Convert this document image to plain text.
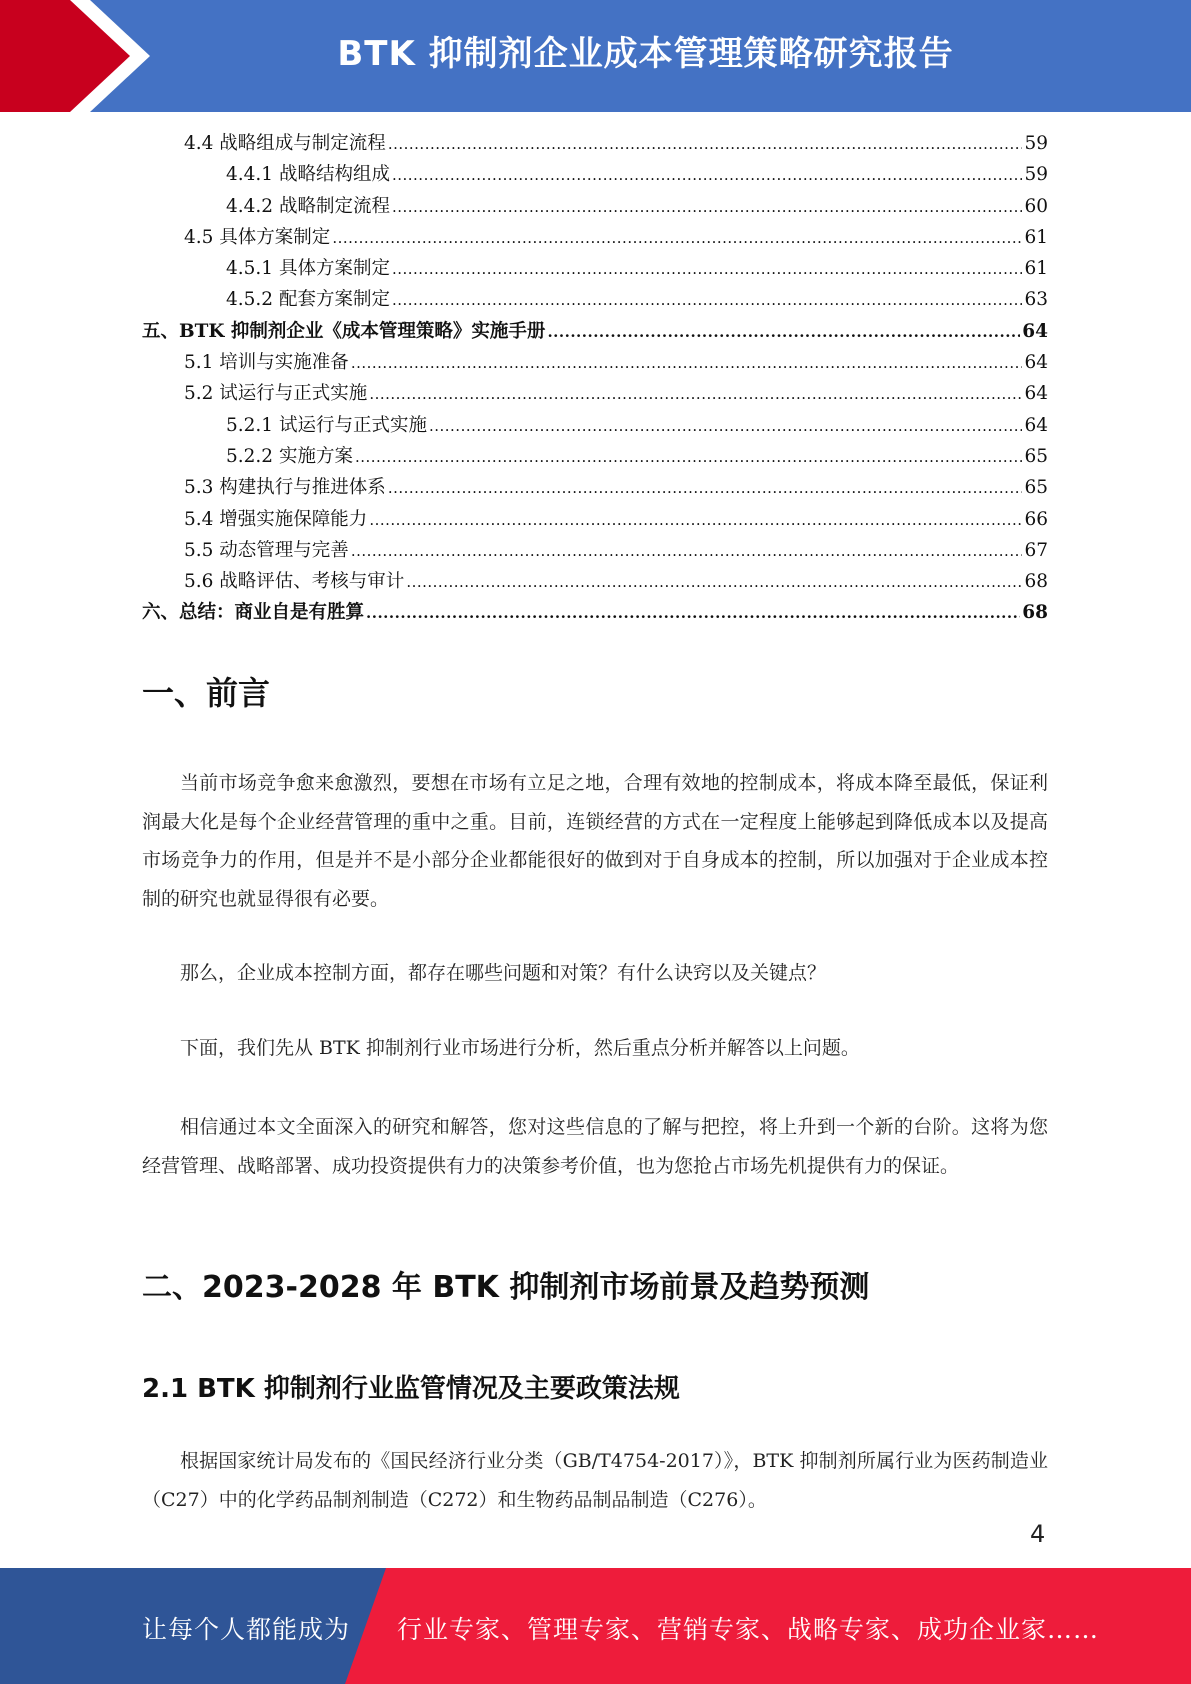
BTK 抑制剂企业成本管理策略研究报告
4.4 战略组成与制定流程 .....	59
4.4.1 战略结构组成 .....	59
4.4.2 战略制定流程 .....	60
4.5 具体方案制定 .....	61
4.5.1 具体方案制定 .....	61
4.5.2 配套方案制定 .....	63
五、BTK 抑制剂企业《成本管理策略》实施手册 .....	64
5.1 培训与实施准备 .....	64
5.2 试运行与正式实施 .....	64
5.2.1 试运行与正式实施 .....	64
5.2.2 实施方案 .....	65
5.3 构建执行与推进体系 .....	65
5.4 增强实施保障能力 .....	66
5.5 动态管理与完善 .....	67
5.6 战略评估、考核与审计 .....	68
六、总结：商业自是有胜算 .....	68
一、前言
当前市场竞争愈来愈激烈，要想在市场有立足之地，合理有效地的控制成本，将成本降至最低，保证利润最大化是每个企业经营管理的重中之重。目前，连锁经营的方式在一定程度上能够起到降低成本以及提高市场竞争力的作用，但是并不是小部分企业都能很好的做到对于自身成本的控制，所以加强对于企业成本控制的研究也就显得很有必要。
那么，企业成本控制方面，都存在哪些问题和对策？有什么诀窍以及关键点？
下面，我们先从 BTK 抑制剂行业市场进行分析，然后重点分析并解答以上问题。
相信通过本文全面深入的研究和解答，您对这些信息的了解与把控，将上升到一个新的台阶。这将为您经营管理、战略部署、成功投资提供有力的决策参考价值，也为您抢占市场先机提供有力的保证。
二、2023-2028 年 BTK 抑制剂市场前景及趋势预测
2.1 BTK 抑制剂行业监管情况及主要政策法规
根据国家统计局发布的《国民经济行业分类（GB/T4754-2017）》，BTK 抑制剂所属行业为医药制造业（C27）中的化学药品制剂制造（C272）和生物药品制品制造（C276）。
4
让每个人都能成为 行业专家、管理专家、营销专家、战略专家、成功企业家……
